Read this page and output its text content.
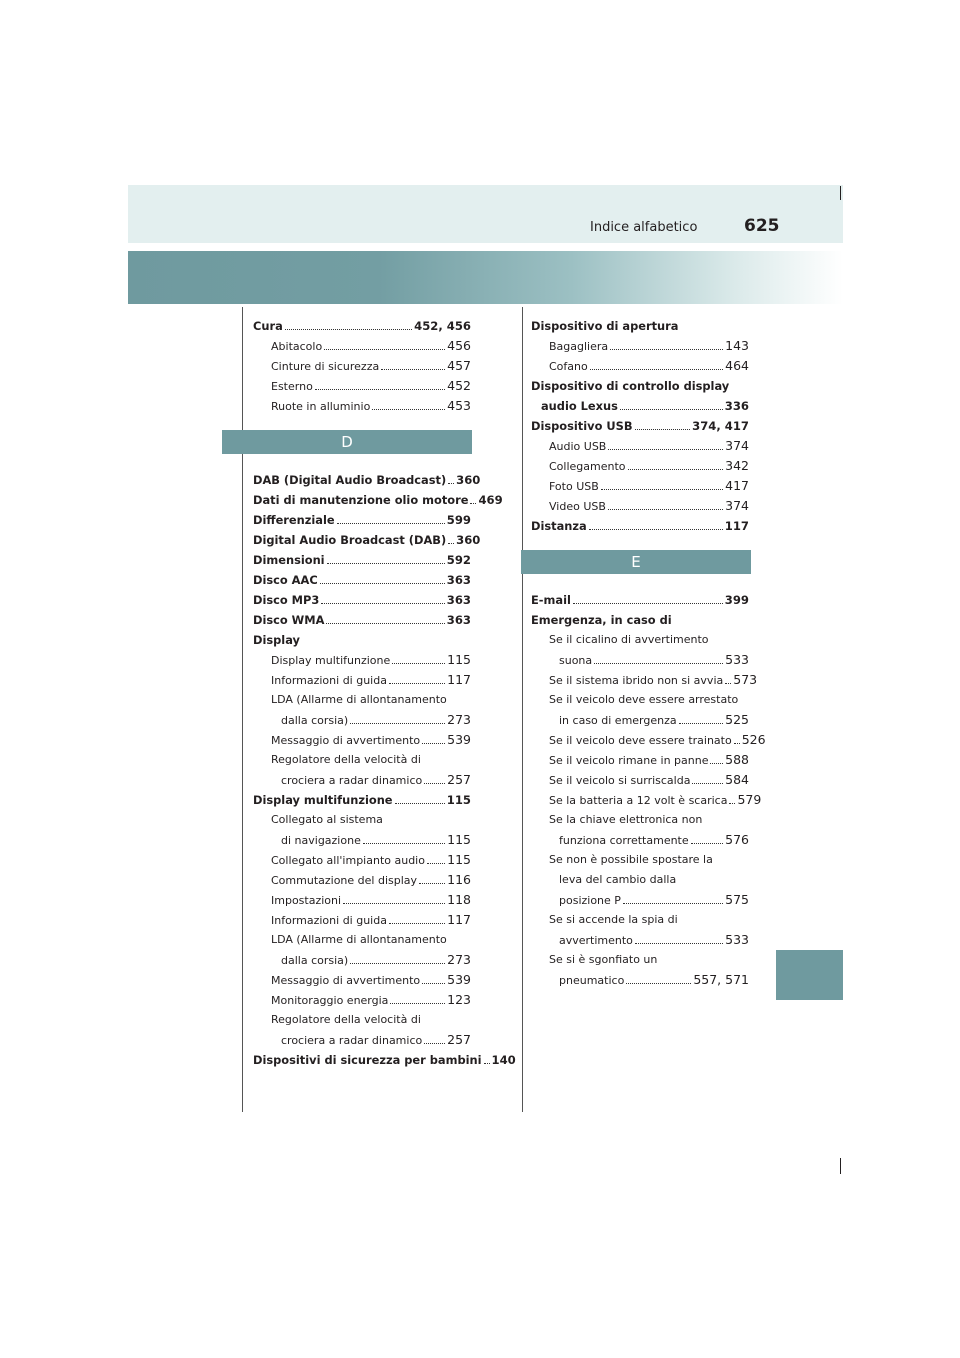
Indice alfabetico	625
Cura	452, 456
Abitacolo	456
Cinture di sicurezza	457
Esterno	452
Ruote in alluminio	453
D
DAB (Digital Audio Broadcast) 360
Dati di manutenzione olio motore 469
Differenziale	599
Digital Audio Broadcast (DAB) 360
Dimensioni	592
Disco AAC	363
Disco MP3	363
Disco WMA	363
Display
Display multifunzione	115
Informazioni di guida	117
LDA (Allarme di allontanamento
dalla corsia)	273
Messaggio di avvertimento 539
Regolatore della velocità di
crociera a radar dinamico 257
Display multifunzione	115
Collegato al sistema
di navigazione	115
Collegato all'impianto audio 115
Commutazione del display 116
Impostazioni	118
Informazioni di guida	117
LDA (Allarme di allontanamento
dalla corsia)	273
Messaggio di avvertimento 539
Monitoraggio energia	123
Regolatore della velocità di
crociera a radar dinamico 257
Dispositivi di sicurezza per bambini 140
Dispositivo di apertura
Bagagliera	143
Cofano	464
Dispositivo di controllo display
audio Lexus	336
Dispositivo USB	374, 417
Audio USB	374
Collegamento	342
Foto USB	417
Video USB	374
Distanza	117
E
E-mail	399
Emergenza, in caso di
Se il cicalino di avvertimento
suona	533
Se il sistema ibrido non si avvia 573
Se il veicolo deve essere arrestato
in caso di emergenza	525
Se il veicolo deve essere trainato 526
Se il veicolo rimane in panne 588
Se il veicolo si surriscalda	584
Se la batteria a 12 volt è scarica 579
Se la chiave elettronica non
funziona correttamente	576
Se non è possibile spostare la
leva del cambio dalla
posizione P	575
Se si accende la spia di
avvertimento	533
Se si è sgonfiato un
pneumatico	557, 571
